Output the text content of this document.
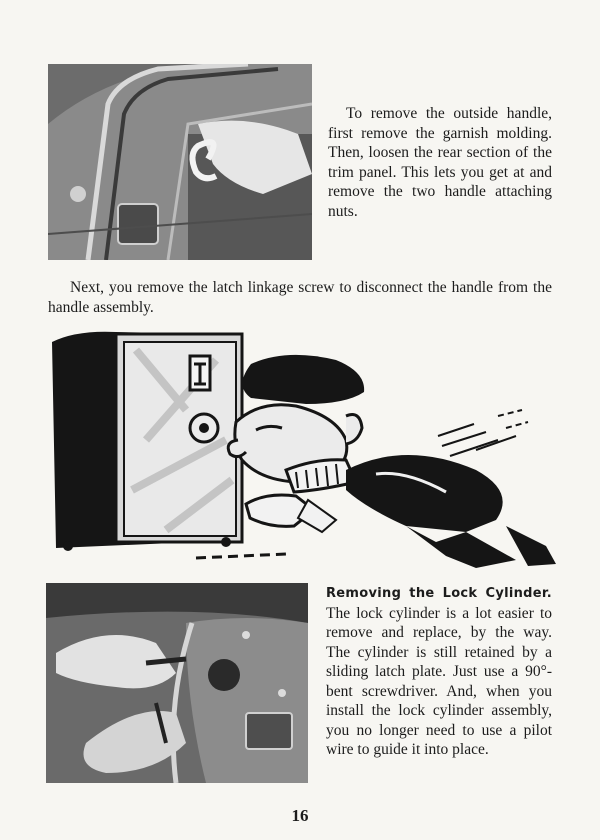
To remove the outside handle, first remove the garnish molding. Then, loosen the rear section of the trim panel. This lets you get at and remove the two handle attaching nuts.

Next, you remove the latch linkage screw to disconnect the handle from the handle assembly.

Removing the Lock Cylinder. The lock cylinder is a lot easier to remove and replace, by the way. The cylinder is still retained by a sliding latch plate. Just use a 90°-bent screwdriver. And, when you install the lock cylinder assembly, you no longer need to use a pilot wire to guide it into place.

16
